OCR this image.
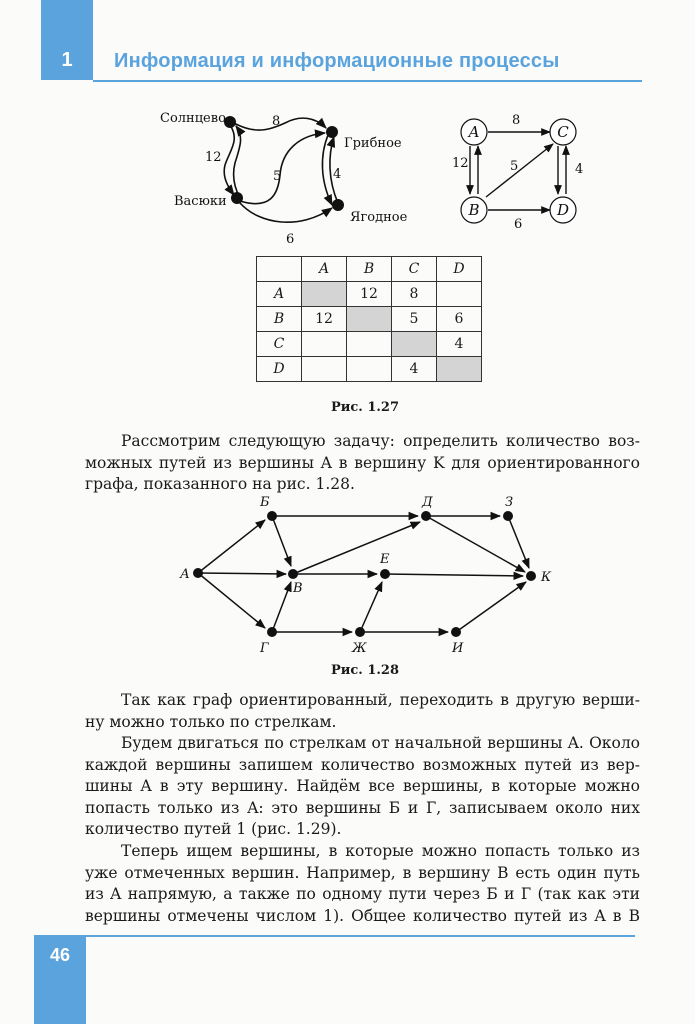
1	Информация и информационные процессы
Солнцево
Грибное
Васюки
Ягодное
8
12
5	4
6
A
B
C
D
8
12	5	4
6
	A	B	C	D
A		12	8	
B	12		5	6
C				4
D			4	
Рис. 1.27
Рассмотрим следующую задачу: определить количество воз-
можных путей из вершины A в вершину K для ориентированного
графа, показанного на рис. 1.28.
А
Б
В
Г
Д
Е
Ж
З
И
К
Рис. 1.28
Так как граф ориентированный, переходить в другую верши-
ну можно только по стрелкам.
Будем двигаться по стрелкам от начальной вершины A. Около
каждой вершины запишем количество возможных путей из вер-
шины A в эту вершину. Найдём все вершины, в которые можно
попасть только из A: это вершины Б и Г, записываем около них
количество путей 1 (рис. 1.29).
Теперь ищем вершины, в которые можно попасть только из
уже отмеченных вершин. Например, в вершину В есть один путь
из A напрямую, а также по одному пути через Б и Г (так как эти
вершины отмечены числом 1). Общее количество путей из A в В
46
